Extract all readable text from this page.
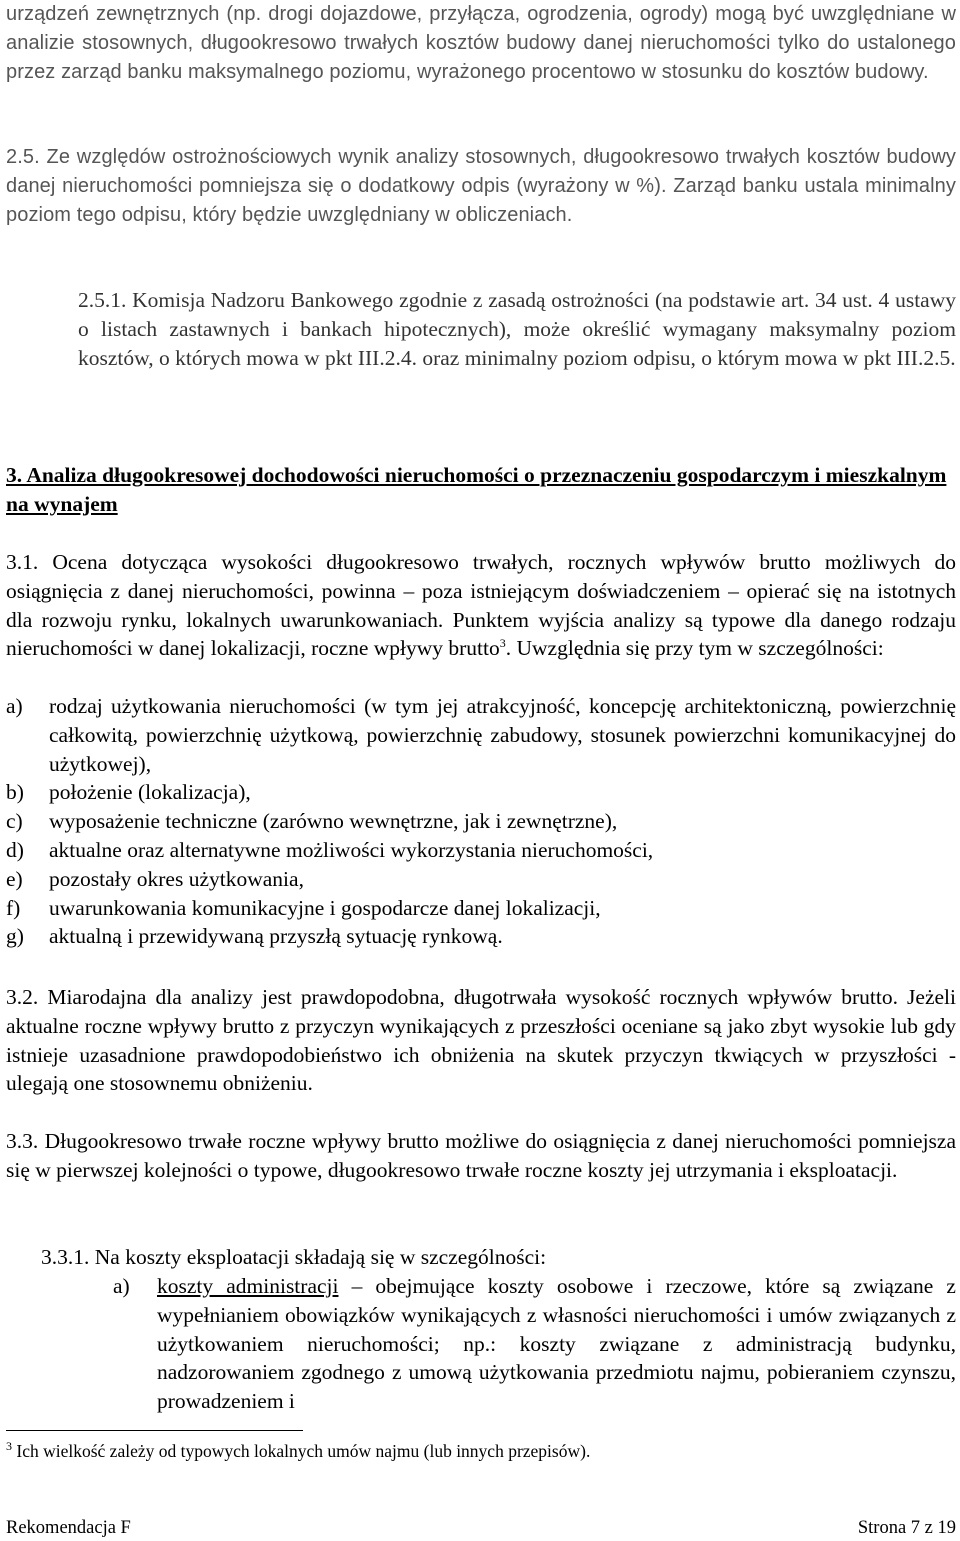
urządzeń zewnętrznych (np. drogi dojazdowe, przyłącza, ogrodzenia, ogrody) mogą być uwzględniane w analizie stosownych, długookresowo trwałych kosztów budowy danej nieruchomości tylko do ustalonego przez zarząd banku maksymalnego poziomu, wyrażonego procentowo w stosunku do kosztów budowy.

2.5. Ze względów ostrożnościowych wynik analizy stosownych, długookresowo trwałych kosztów budowy danej nieruchomości pomniejsza się o dodatkowy odpis (wyrażony w %). Zarząd banku ustala minimalny poziom tego odpisu, który będzie uwzględniany w obliczeniach.

2.5.1. Komisja Nadzoru Bankowego zgodnie z zasadą ostrożności (na podstawie art. 34 ust. 4 ustawy o listach zastawnych i bankach hipotecznych), może określić wymagany maksymalny poziom kosztów, o których mowa w pkt III.2.4. oraz minimalny poziom odpisu, o którym mowa w pkt III.2.5.

3. Analiza długookresowej dochodowości nieruchomości o przeznaczeniu gospodarczym i mieszkalnym na wynajem

3.1. Ocena dotycząca wysokości długookresowo trwałych, rocznych wpływów brutto możliwych do osiągnięcia z danej nieruchomości, powinna – poza istniejącym doświadczeniem – opierać się na istotnych dla rozwoju rynku, lokalnych uwarunkowaniach. Punktem wyjścia analizy są typowe dla danego rodzaju nieruchomości w danej lokalizacji, roczne wpływy brutto$^3$. Uwzględnia się przy tym w szczególności:

a) rodzaj użytkowania nieruchomości (w tym jej atrakcyjność, koncepcję architektoniczną, powierzchnię całkowitą, powierzchnię użytkową, powierzchnię zabudowy, stosunek powierzchni komunikacyjnej do użytkowej),
b) położenie (lokalizacja),
c) wyposażenie techniczne (zarówno wewnętrzne, jak i zewnętrzne),
d) aktualne oraz alternatywne możliwości wykorzystania nieruchomości,
e) pozostały okres użytkowania,
f) uwarunkowania komunikacyjne i gospodarcze danej lokalizacji,
g) aktualną i przewidywaną przyszłą sytuację rynkową.

3.2. Miarodajna dla analizy jest prawdopodobna, długotrwała wysokość rocznych wpływów brutto. Jeżeli aktualne roczne wpływy brutto z przyczyn wynikających z przeszłości oceniane są jako zbyt wysokie lub gdy istnieje uzasadnione prawdopodobieństwo ich obniżenia na skutek przyczyn tkwiących w przyszłości - ulegają one stosownemu obniżeniu.

3.3. Długookresowo trwałe roczne wpływy brutto możliwe do osiągnięcia z danej nieruchomości pomniejsza się w pierwszej kolejności o typowe, długookresowo trwałe roczne koszty jej utrzymania i eksploatacji.

3.3.1. Na koszty eksploatacji składają się w szczególności:

a) koszty administracji – obejmujące koszty osobowe i rzeczowe, które są związane z wypełnianiem obowiązków wynikających z własności nieruchomości i umów związanych z użytkowaniem nieruchomości; np.: koszty związane z administracją budynku, nadzorowaniem zgodnego z umową użytkowania przedmiotu najmu, pobieraniem czynszu, prowadzeniem i

$^3$ Ich wielkość zależy od typowych lokalnych umów najmu (lub innych przepisów).
Rekomendacja F	Strona 7 z 19
